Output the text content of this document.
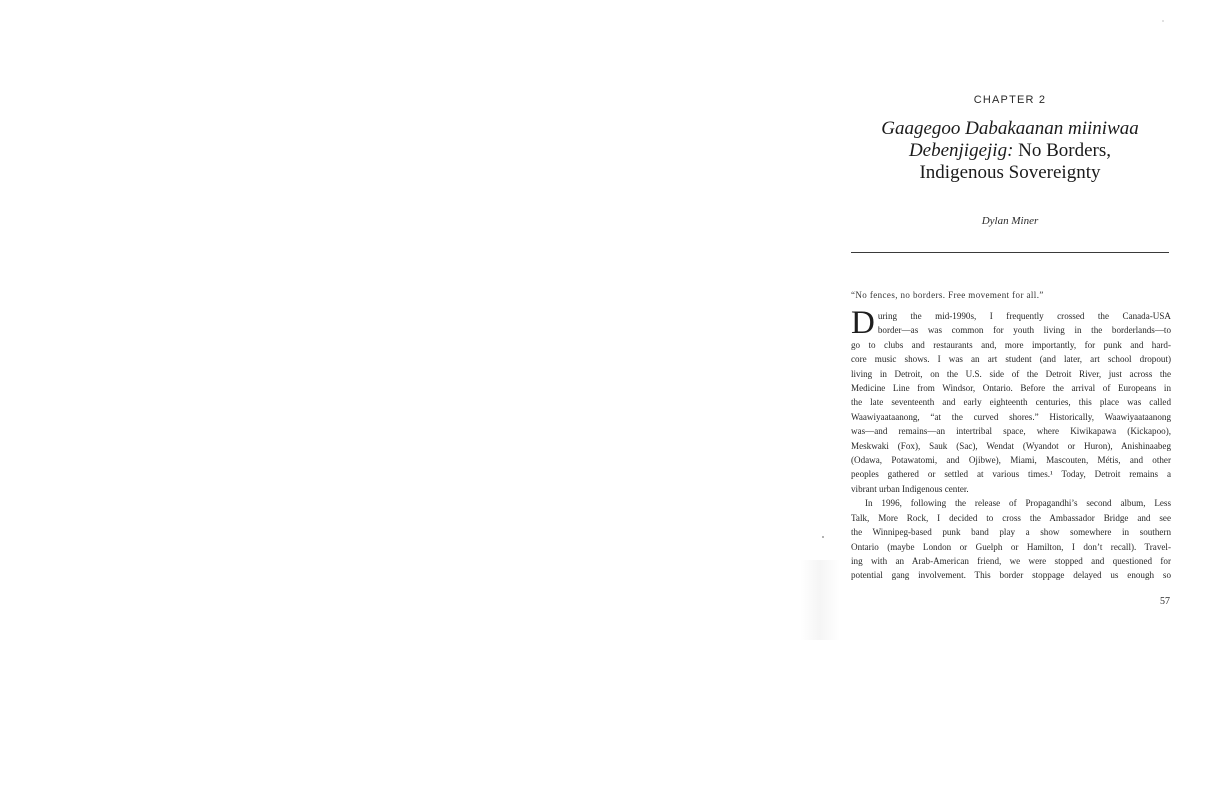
CHAPTER 2
Gaagegoo Dabakaanan miiniwaa
Debenjigejig: No Borders,
Indigenous Sovereignty
Dylan Miner
“No fences, no borders. Free movement for all.”
D uring the mid-1990s, I frequently crossed the Canada-USA
border—as was common for youth living in the borderlands—to
go to clubs and restaurants and, more importantly, for punk and hard-
core music shows. I was an art student (and later, art school dropout)
living in Detroit, on the U.S. side of the Detroit River, just across the
Medicine Line from Windsor, Ontario. Before the arrival of Europeans in
the late seventeenth and early eighteenth centuries, this place was called
Waawiyaataanong, “at the curved shores.” Historically, Waawiyaataanong
was—and remains—an intertribal space, where Kiwikapawa (Kickapoo),
Meskwaki (Fox), Sauk (Sac), Wendat (Wyandot or Huron), Anishinaabeg
(Odawa, Potawatomi, and Ojibwe), Miami, Mascouten, Métis, and other
peoples gathered or settled at various times.¹ Today, Detroit remains a
vibrant urban Indigenous center.
In 1996, following the release of Propagandhi’s second album, Less
Talk, More Rock, I decided to cross the Ambassador Bridge and see
the Winnipeg-based punk band play a show somewhere in southern
Ontario (maybe London or Guelph or Hamilton, I don’t recall). Travel-
ing with an Arab-American friend, we were stopped and questioned for
potential gang involvement. This border stoppage delayed us enough so
57
